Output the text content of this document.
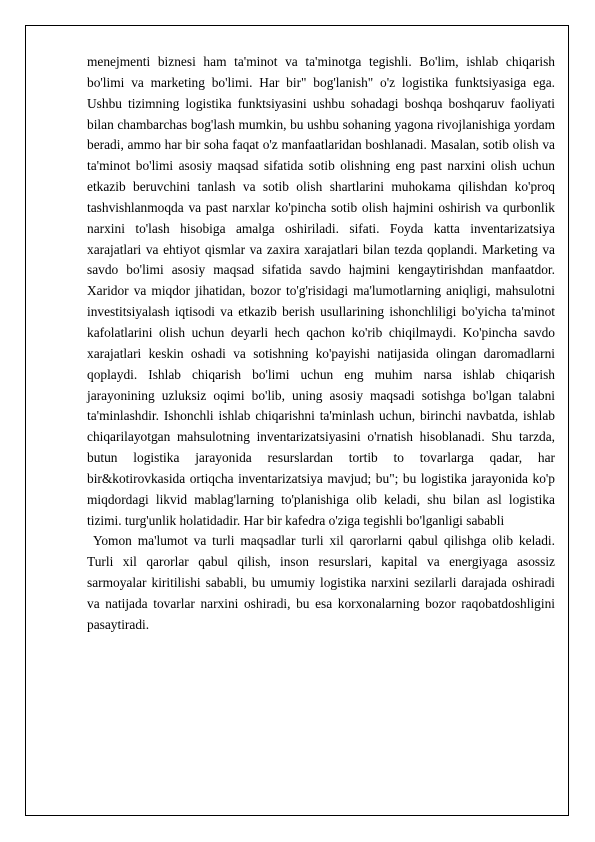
menejmenti biznesi ham ta'minot va ta'minotga tegishli. Bo'lim, ishlab chiqarish bo'limi va marketing bo'limi. Har bir" bog'lanish" o'z logistika funktsiyasiga ega. Ushbu tizimning logistika funktsiyasini ushbu sohadagi boshqa boshqaruv faoliyati bilan chambarchas bog'lash mumkin, bu ushbu sohaning yagona rivojlanishiga yordam beradi, ammo har bir soha faqat o'z manfaatlaridan boshlanadi. Masalan, sotib olish va ta'minot bo'limi asosiy maqsad sifatida sotib olishning eng past narxini olish uchun etkazib beruvchini tanlash va sotib olish shartlarini muhokama qilishdan ko'proq tashvishlanmoqda va past narxlar ko'pincha sotib olish hajmini oshirish va qurbonlik narxini to'lash hisobiga amalga oshiriladi. sifati. Foyda katta inventarizatsiya xarajatlari va ehtiyot qismlar va zaxira xarajatlari bilan tezda qoplandi. Marketing va savdo bo'limi asosiy maqsad sifatida savdo hajmini kengaytirishdan manfaatdor. Xaridor va miqdor jihatidan, bozor to'g'risidagi ma'lumotlarning aniqligi, mahsulotni investitsiyalash iqtisodi va etkazib berish usullarining ishonchliligi bo'yicha ta'minot kafolatlarini olish uchun deyarli hech qachon ko'rib chiqilmaydi. Ko'pincha savdo xarajatlari keskin oshadi va sotishning ko'payishi natijasida olingan daromadlarni qoplaydi. Ishlab chiqarish bo'limi uchun eng muhim narsa ishlab chiqarish jarayonining uzluksiz oqimi bo'lib, uning asosiy maqsadi sotishga bo'lgan talabni ta'minlashdir. Ishonchli ishlab chiqarishni ta'minlash uchun, birinchi navbatda, ishlab chiqarilayotgan mahsulotning inventarizatsiyasini o'rnatish hisoblanadi. Shu tarzda, butun logistika jarayonida resurslardan tortib to tovarlarga qadar, har bir&kotirovkasida ortiqcha inventarizatsiya mavjud; bu"; bu logistika jarayonida ko'p miqdordagi likvid mablag'larning to'planishiga olib keladi, shu bilan asl logistika tizimi. turg'unlik holatidadir. Har bir kafedra o'ziga tegishli bo'lganligi sababli

Yomon ma'lumot va turli maqsadlar turli xil qarorlarni qabul qilishga olib keladi. Turli xil qarorlar qabul qilish, inson resurslari, kapital va energiyaga asossiz sarmoyalar kiritilishi sababli, bu umumiy logistika narxini sezilarli darajada oshiradi va natijada tovarlar narxini oshiradi, bu esa korxonalarning bozor raqobatdoshligini pasaytiradi.
